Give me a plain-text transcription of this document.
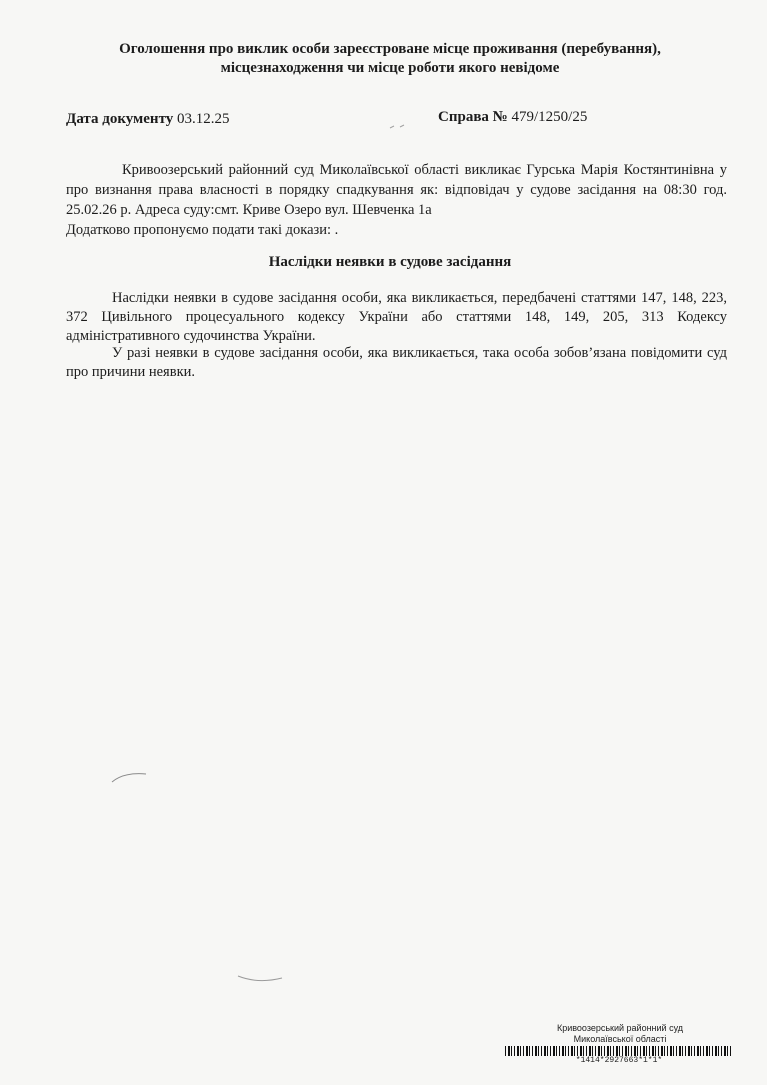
Оголошення про виклик особи зареєстроване місце проживання (перебування),
місцезнаходження чи місце роботи якого невідоме
Дата документу 03.12.25	Справа № 479/1250/25
Кривоозерський районний суд Миколаївської області викликає Гурська Марія Костянтинівна у про визнання права власності в порядку спадкування як: відповідач у судове засідання на 08:30 год. 25.02.26 р. Адреса суду:смт. Криве Озеро вул. Шевченка 1а
Додатково пропонуємо подати такі докази: .
Наслідки неявки в судове засідання
Наслідки неявки в судове засідання особи, яка викликається, передбачені статтями 147, 148, 223, 372 Цивільного процесуального кодексу України або статтями 148, 149, 205, 313 Кодексу адміністративного судочинства України.
У разі неявки в судове засідання особи, яка викликається, така особа зобов’язана повідомити суд про причини неявки.
Кривоозерський районний суд
Миколаївської області
*1414*2927663*1*1*
